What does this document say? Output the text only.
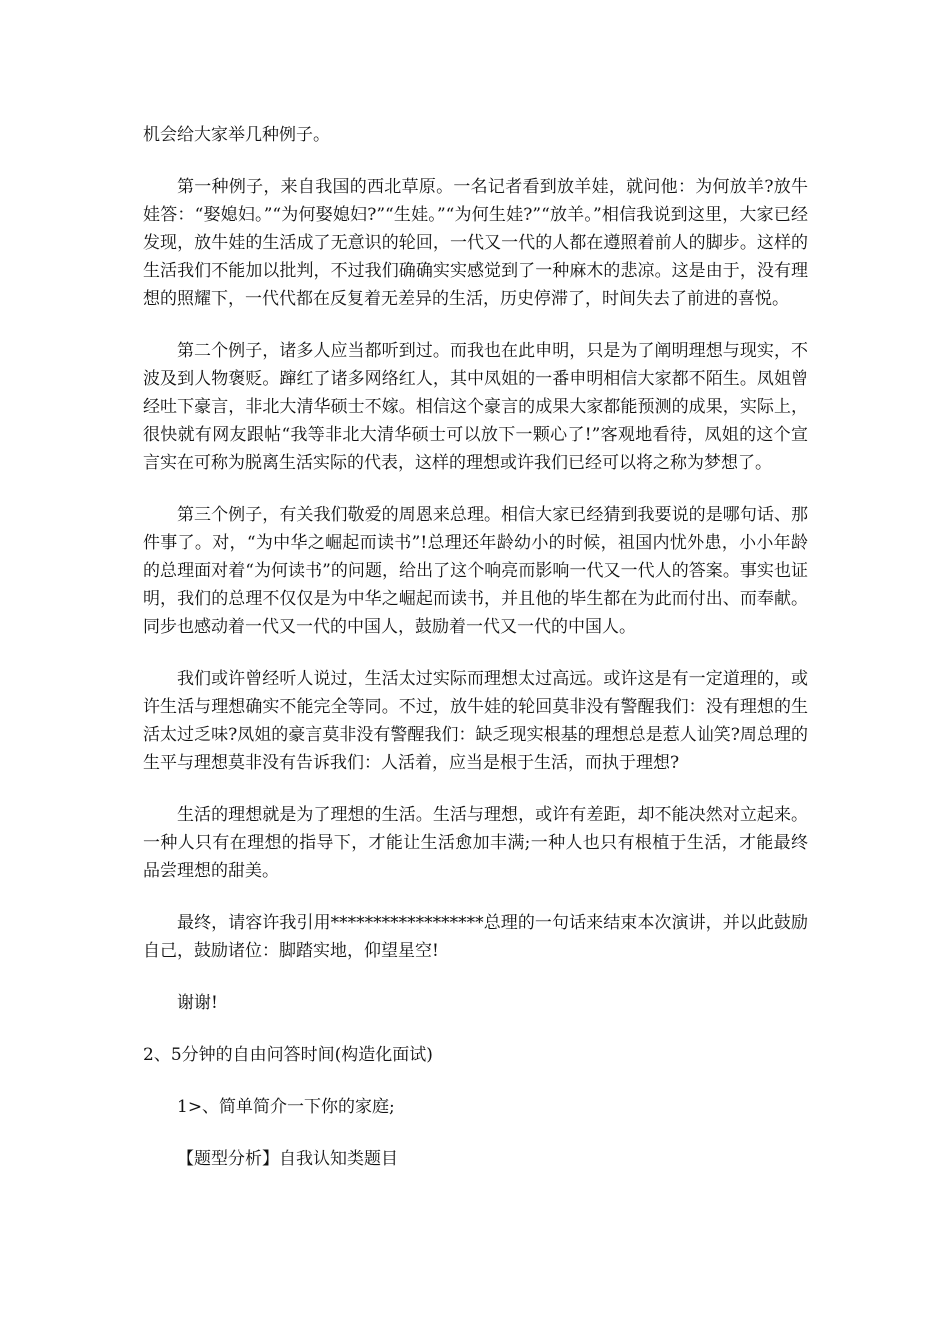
机会给大家举几种例子。

第一种例子，来自我国的西北草原。一名记者看到放羊娃，就问他：为何放羊?放牛娃答：“娶媳妇。”“为何娶媳妇?”“生娃。”“为何生娃?”“放羊。”相信我说到这里，大家已经发现，放牛娃的生活成了无意识的轮回，一代又一代的人都在遵照着前人的脚步。这样的生活我们不能加以批判，不过我们确确实实感觉到了一种麻木的悲凉。这是由于，没有理想的照耀下，一代代都在反复着无差异的生活，历史停滞了，时间失去了前进的喜悦。

第二个例子，诸多人应当都听到过。而我也在此申明，只是为了阐明理想与现实，不波及到人物褒贬。蹿红了诸多网络红人，其中凤姐的一番申明相信大家都不陌生。凤姐曾经吐下豪言，非北大清华硕士不嫁。相信这个豪言的成果大家都能预测的成果，实际上，很快就有网友跟帖“我等非北大清华硕士可以放下一颗心了!”客观地看待，凤姐的这个宣言实在可称为脱离生活实际的代表，这样的理想或许我们已经可以将之称为梦想了。

第三个例子，有关我们敬爱的周恩来总理。相信大家已经猜到我要说的是哪句话、那件事了。对，“为中华之崛起而读书”!总理还年龄幼小的时候，祖国内忧外患，小小年龄的总理面对着“为何读书”的问题，给出了这个响亮而影响一代又一代人的答案。事实也证明，我们的总理不仅仅是为中华之崛起而读书，并且他的毕生都在为此而付出、而奉献。同步也感动着一代又一代的中国人，鼓励着一代又一代的中国人。

我们或许曾经听人说过，生活太过实际而理想太过高远。或许这是有一定道理的，或许生活与理想确实不能完全等同。不过，放牛娃的轮回莫非没有警醒我们：没有理想的生活太过乏味?凤姐的豪言莫非没有警醒我们：缺乏现实根基的理想总是惹人讪笑?周总理的生平与理想莫非没有告诉我们：人活着，应当是根于生活，而执于理想?

生活的理想就是为了理想的生活。生活与理想，或许有差距，却不能决然对立起来。一种人只有在理想的指导下，才能让生活愈加丰满;一种人也只有根植于生活，才能最终品尝理想的甜美。

最终，请容许我引用******************总理的一句话来结束本次演讲，并以此鼓励自己，鼓励诸位：脚踏实地，仰望星空!

谢谢!

2、5分钟的自由问答时间(构造化面试)

1>、简单简介一下你的家庭;

【题型分析】自我认知类题目
